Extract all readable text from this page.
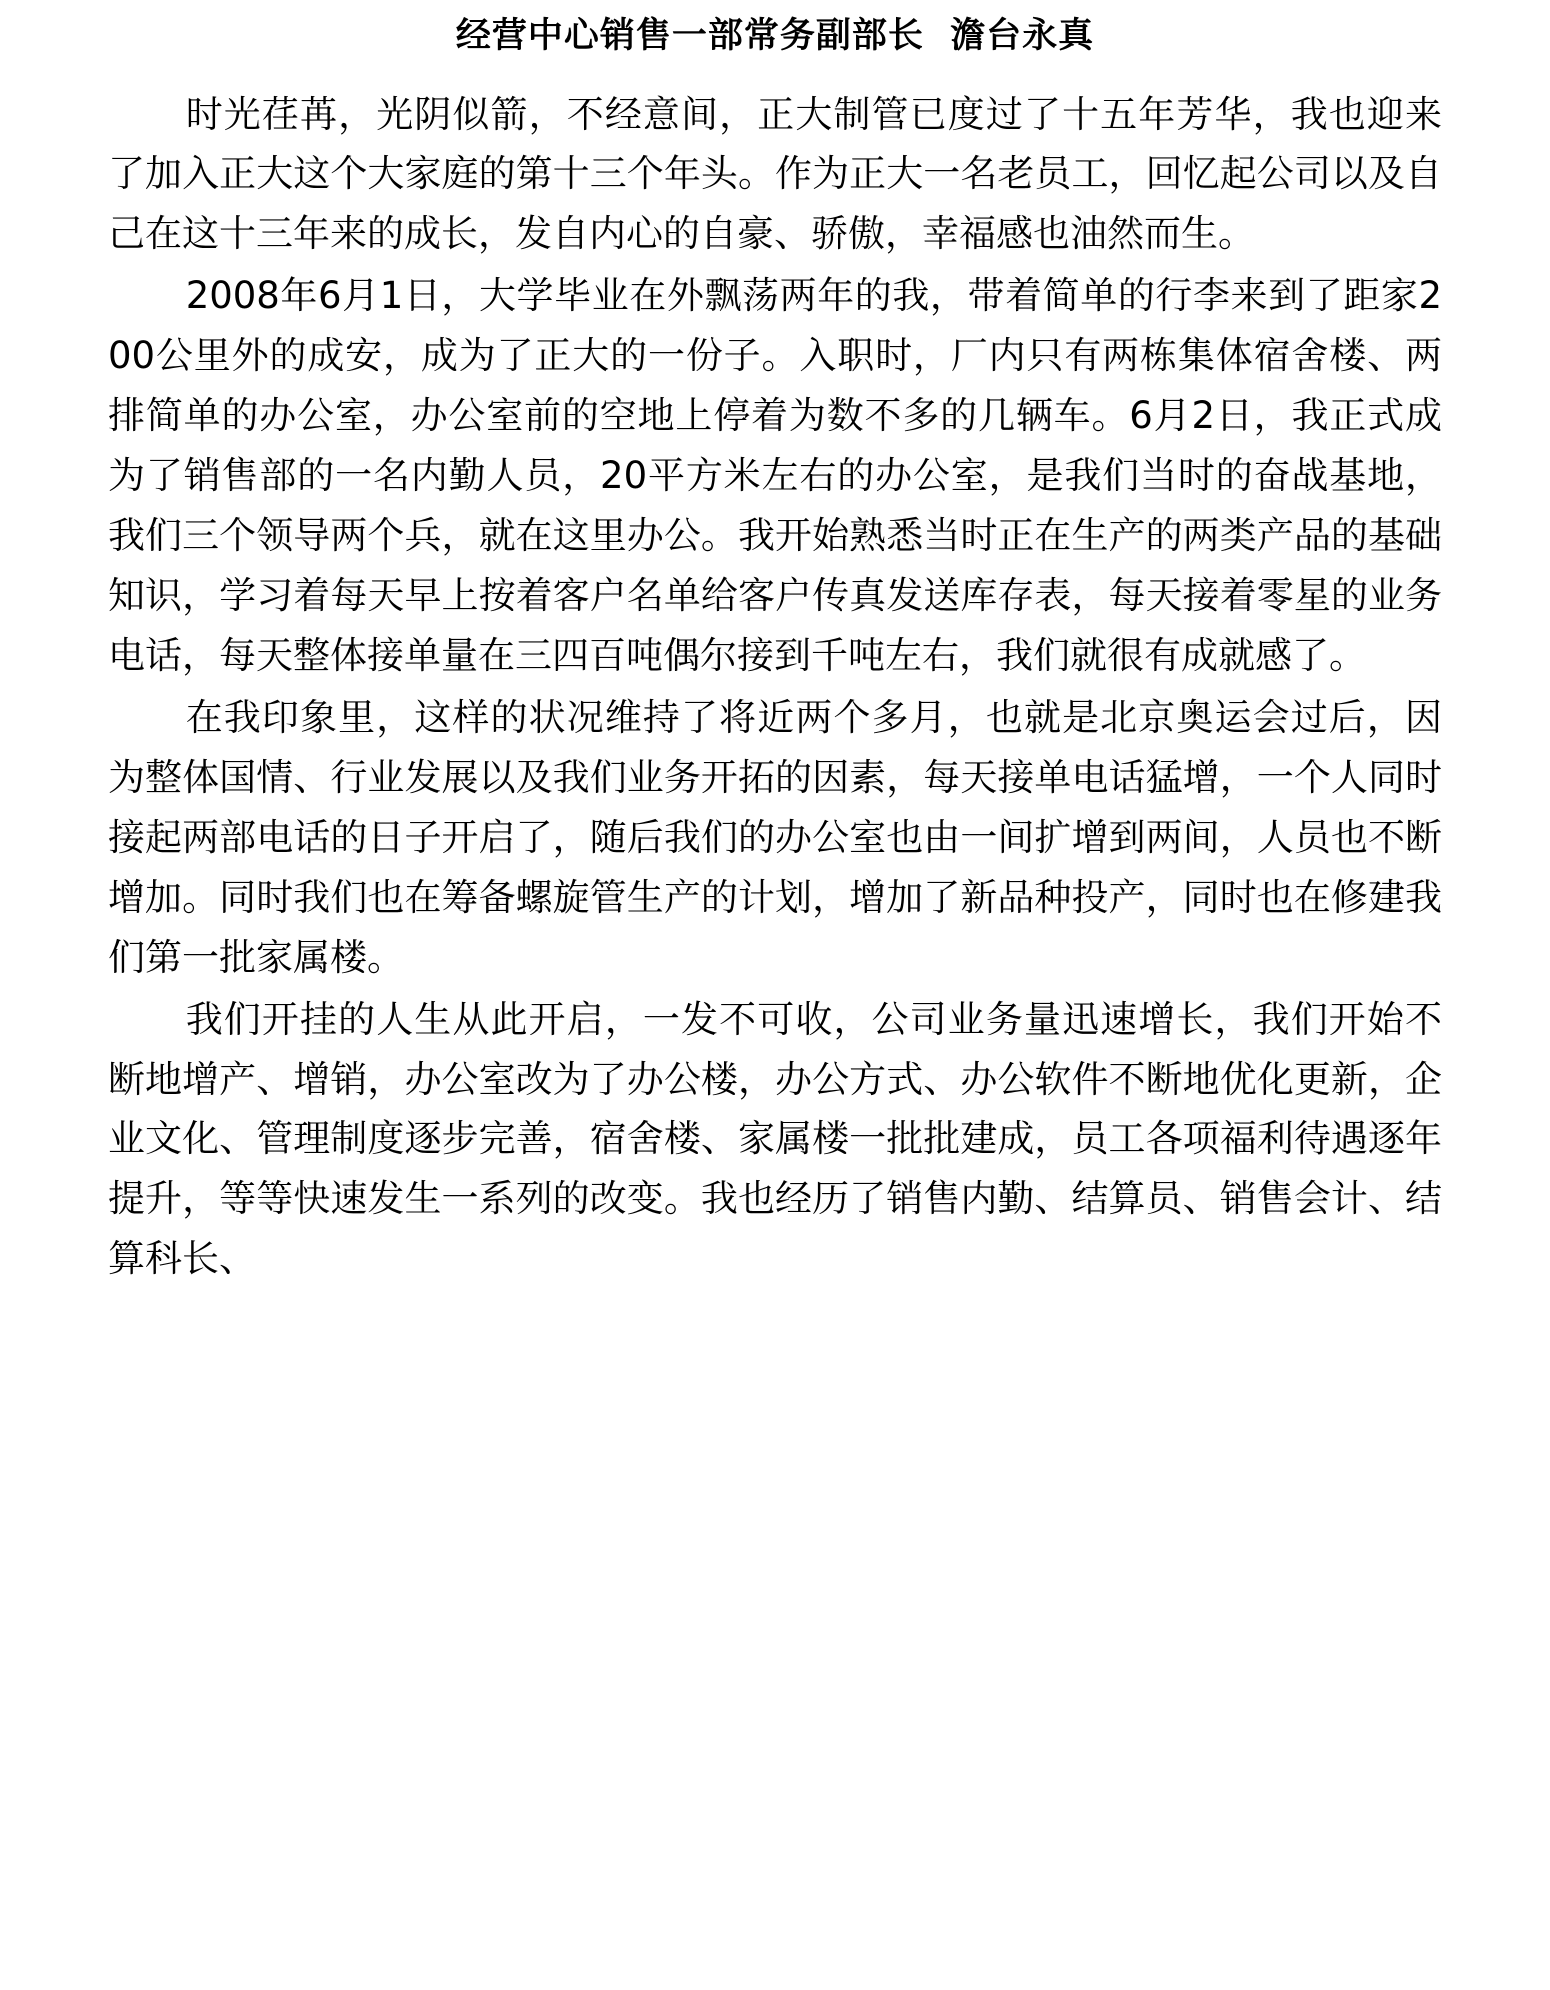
经营中心销售一部常务副部长  澹台永真

时光荏苒，光阴似箭，不经意间，正大制管已度过了十五年芳华，我也迎来了加入正大这个大家庭的第十三个年头。作为正大一名老员工，回忆起公司以及自己在这十三年来的成长，发自内心的自豪、骄傲，幸福感也油然而生。

2008年6月1日，大学毕业在外飘荡两年的我，带着简单的行李来到了距家200公里外的成安，成为了正大的一份子。入职时，厂内只有两栋集体宿舍楼、两排简单的办公室，办公室前的空地上停着为数不多的几辆车。6月2日，我正式成为了销售部的一名内勤人员，20平方米左右的办公室，是我们当时的奋战基地，我们三个领导两个兵，就在这里办公。我开始熟悉当时正在生产的两类产品的基础知识，学习着每天早上按着客户名单给客户传真发送库存表，每天接着零星的业务电话，每天整体接单量在三四百吨偶尔接到千吨左右，我们就很有成就感了。

在我印象里，这样的状况维持了将近两个多月，也就是北京奥运会过后，因为整体国情、行业发展以及我们业务开拓的因素，每天接单电话猛增，一个人同时接起两部电话的日子开启了，随后我们的办公室也由一间扩增到两间，人员也不断增加。同时我们也在筹备螺旋管生产的计划，增加了新品种投产，同时也在修建我们第一批家属楼。

我们开挂的人生从此开启，一发不可收，公司业务量迅速增长，我们开始不断地增产、增销，办公室改为了办公楼，办公方式、办公软件不断地优化更新，企业文化、管理制度逐步完善，宿舍楼、家属楼一批批建成，员工各项福利待遇逐年提升，等等快速发生一系列的改变。我也经历了销售内勤、结算员、销售会计、结算科长、
